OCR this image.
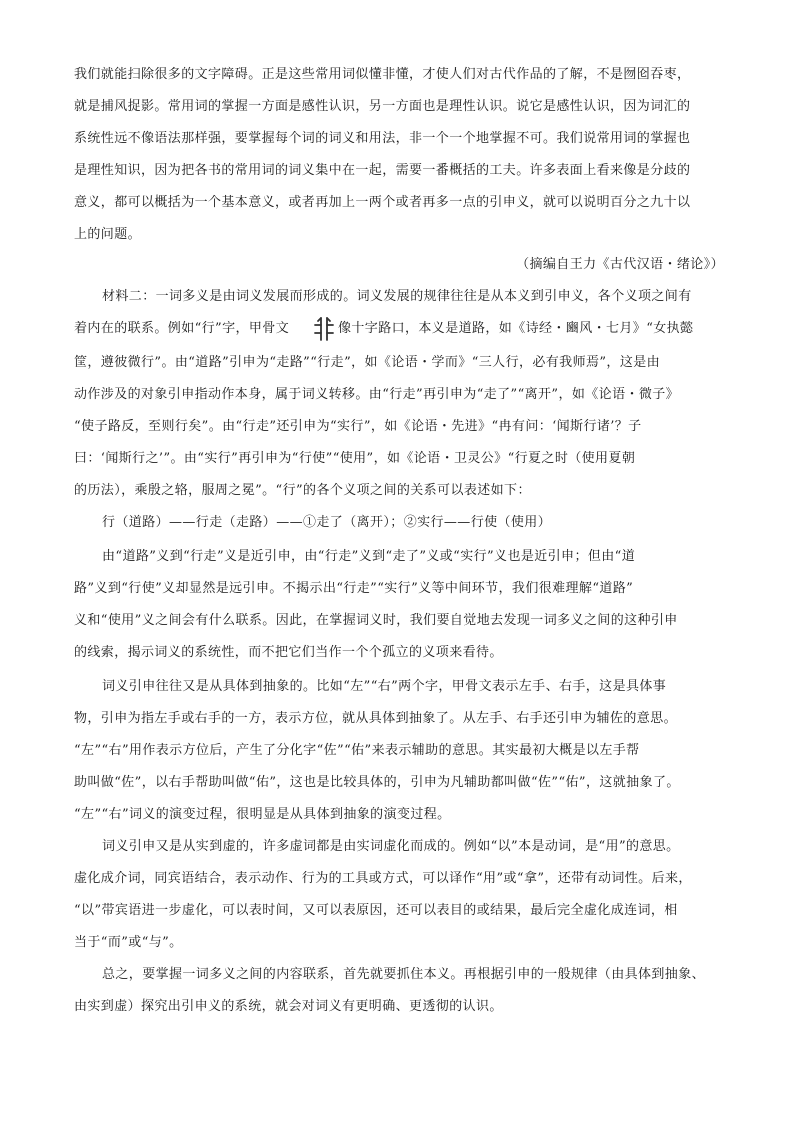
我们就能扫除很多的文字障碍。正是这些常用词似懂非懂，才使人们对古代作品的了解，不是囫囵吞枣，
就是捕风捉影。常用词的掌握一方面是感性认识，另一方面也是理性认识。说它是感性认识，因为词汇的
系统性远不像语法那样强，要掌握每个词的词义和用法，非一个一个地掌握不可。我们说常用词的掌握也
是理性知识，因为把各书的常用词的词义集中在一起，需要一番概括的工夫。许多表面上看来像是分歧的
意义，都可以概括为一个基本意义，或者再加上一两个或者再多一点的引申义，就可以说明百分之九十以
上的问题。
（摘编自王力《古代汉语・绪论》）
材料二：一词多义是由词义发展而形成的。词义发展的规律往往是从本义到引申义，各个义项之间有
着内在的联系。例如“行”字，甲骨文	像十字路口，本义是道路，如《诗经・豳风・七月》“女执懿
筐，遵彼微行”。由“道路”引申为“走路”“行走”，如《论语・学而》“三人行，必有我师焉”，这是由
动作涉及的对象引申指动作本身，属于词义转移。由“行走”再引申为“走了”“离开”，如《论语・微子》
“使子路反，至则行矣”。由“行走”还引申为“实行”，如《论语・先进》“冉有问：‘闻斯行诸’？子
曰：‘闻斯行之’”。由“实行”再引申为“行使”“使用”，如《论语・卫灵公》“行夏之时（使用夏朝
的历法），乘殷之辂，服周之冕”。“行”的各个义项之间的关系可以表述如下：
行（道路）——行走（走路）——①走了（离开）；②实行——行使（使用）
由“道路”义到“行走”义是近引申，由“行走”义到“走了”义或“实行”义也是近引申；但由“道
路”义到“行使”义却显然是远引申。不揭示出“行走”“实行”义等中间环节，我们很难理解“道路”
义和“使用”义之间会有什么联系。因此，在掌握词义时，我们要自觉地去发现一词多义之间的这种引申
的线索，揭示词义的系统性，而不把它们当作一个个孤立的义项来看待。
词义引申往往又是从具体到抽象的。比如“左”“右”两个字，甲骨文表示左手、右手，这是具体事
物，引申为指左手或右手的一方，表示方位，就从具体到抽象了。从左手、右手还引申为辅佐的意思。
“左”“右”用作表示方位后，产生了分化字“佐”“佑”来表示辅助的意思。其实最初大概是以左手帮
助叫做“佐”，以右手帮助叫做“佑”，这也是比较具体的，引申为凡辅助都叫做“佐”“佑”，这就抽象了。
“左”“右”词义的演变过程，很明显是从具体到抽象的演变过程。
词义引申又是从实到虚的，许多虚词都是由实词虚化而成的。例如“以”本是动词，是“用”的意思。
虚化成介词，同宾语结合，表示动作、行为的工具或方式，可以译作“用”或“拿”，还带有动词性。后来，
“以”带宾语进一步虚化，可以表时间，又可以表原因，还可以表目的或结果，最后完全虚化成连词，相
当于“而”或“与”。
总之，要掌握一词多义之间的内容联系，首先就要抓住本义。再根据引申的一般规律（由具体到抽象、
由实到虚）探究出引申义的系统，就会对词义有更明确、更透彻的认识。
